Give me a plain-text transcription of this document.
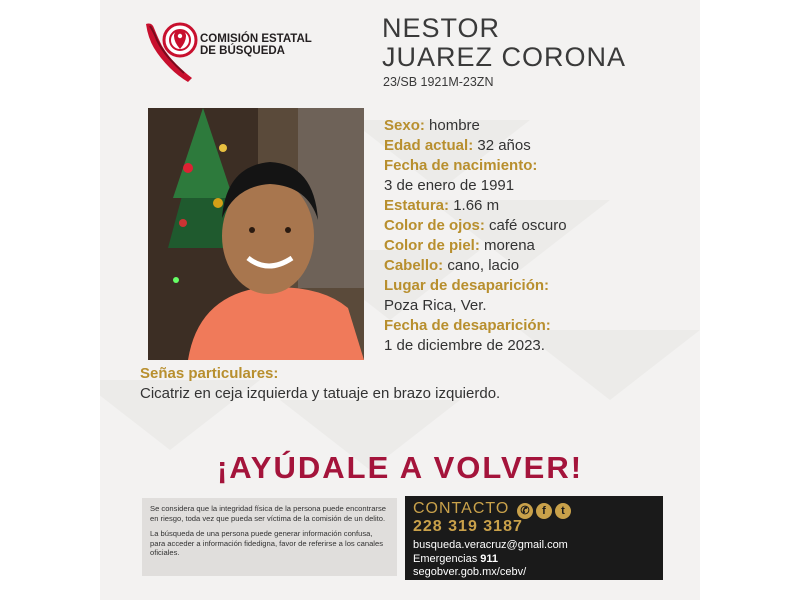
COMISIÓN ESTATAL
DE BÚSQUEDA
NESTOR
JUAREZ CORONA
23/SB 1921M-23ZN
Sexo: hombre
Edad actual: 32 años
Fecha de nacimiento:
3 de enero de 1991
Estatura: 1.66 m
Color de ojos: café oscuro
Color de piel: morena
Cabello: cano, lacio
Lugar de desaparición:
Poza Rica, Ver.
Fecha de desaparición:
1 de diciembre de 2023.
Señas particulares:
Cicatriz en ceja izquierda y tatuaje en brazo izquierdo.
¡AYÚDALE A VOLVER!

Se considera que la integridad física de la persona puede encontrarse en riesgo, toda vez que pueda ser víctima de la comisión de un delito.

La búsqueda de una persona puede generar información confusa, para acceder a información fidedigna, favor de referirse a los canales oficiales.

CONTACTO	✆ f t
228 319 3187
busqueda.veracruz@gmail.com
Emergencias 911
segobver.gob.mx/cebv/
